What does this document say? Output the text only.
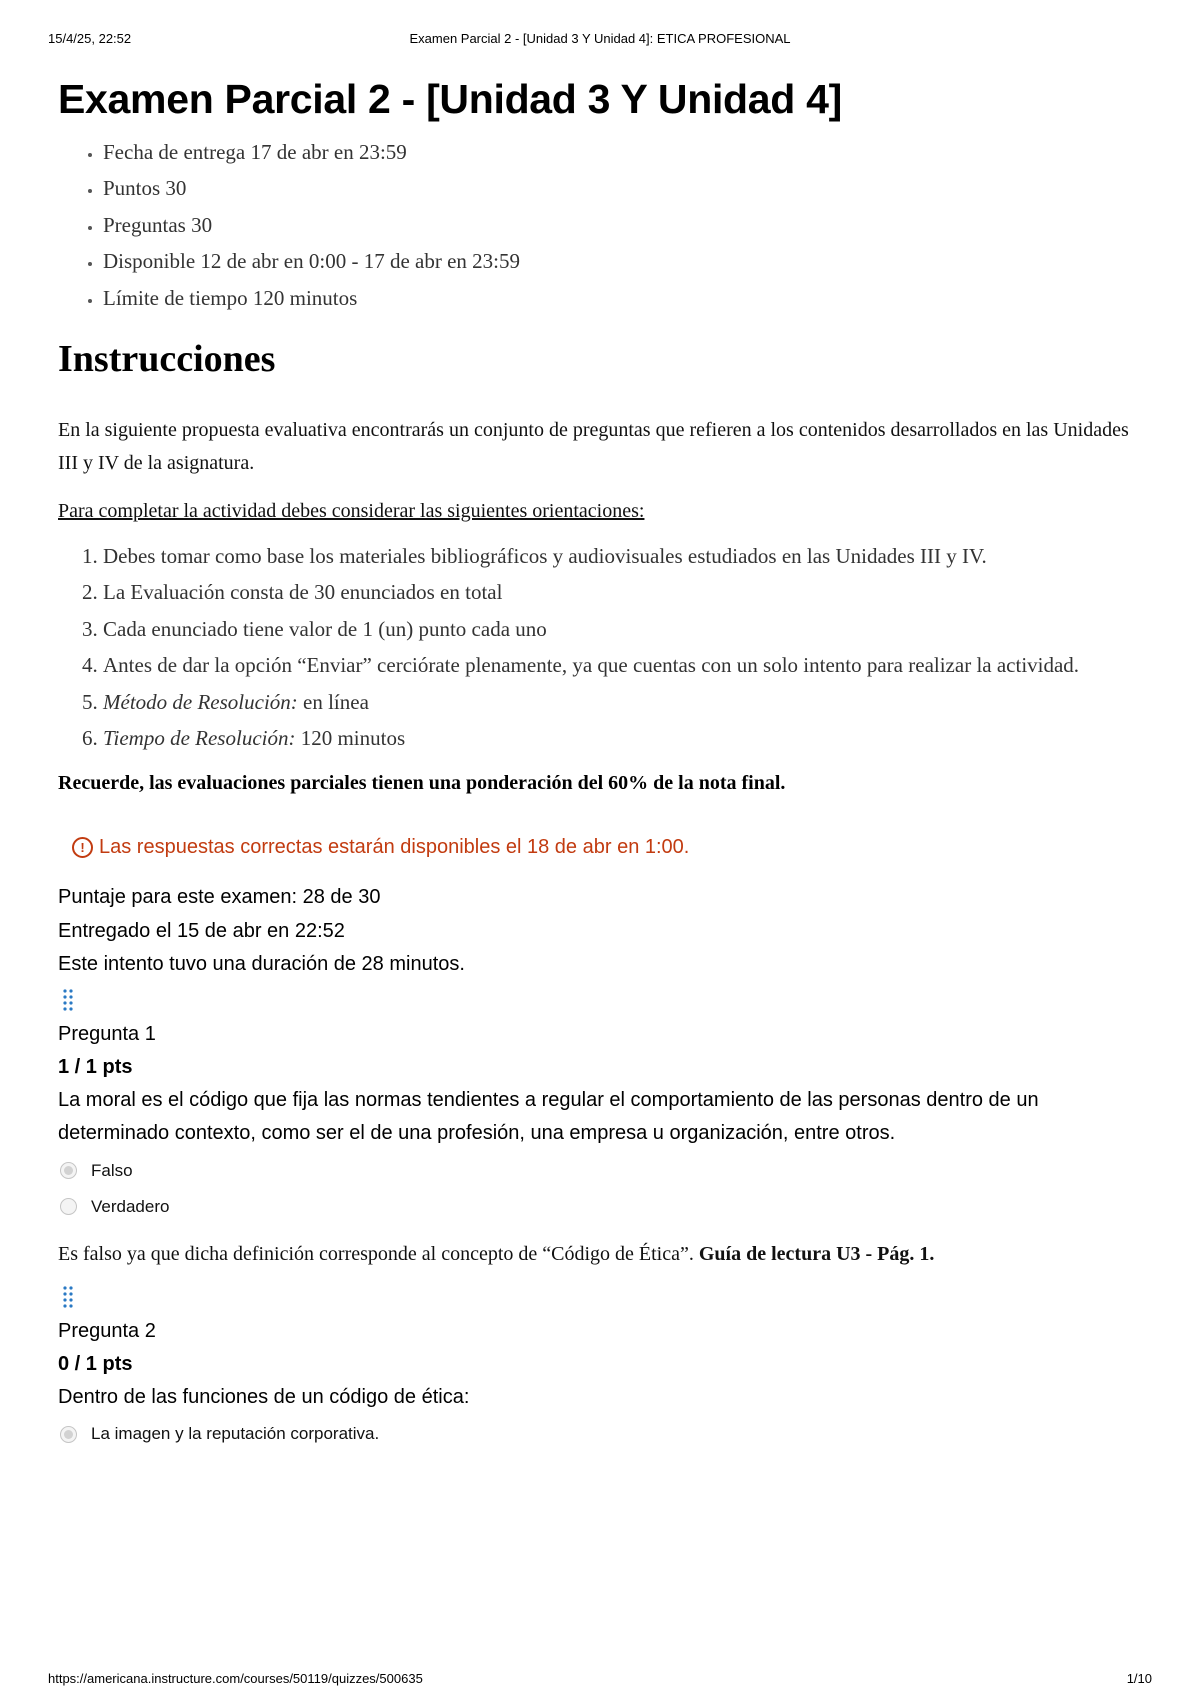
15/4/25, 22:52	Examen Parcial 2 - [Unidad 3 Y Unidad 4]: ETICA PROFESIONAL
Examen Parcial 2 - [Unidad 3 Y Unidad 4]
• Fecha de entrega 17 de abr en 23:59
• Puntos 30
• Preguntas 30
• Disponible 12 de abr en 0:00 - 17 de abr en 23:59
• Límite de tiempo 120 minutos
Instrucciones

En la siguiente propuesta evaluativa encontrarás un conjunto de preguntas que refieren a los contenidos desarrollados en las Unidades III y IV de la asignatura.

Para completar la actividad debes considerar las siguientes orientaciones:

1. Debes tomar como base los materiales bibliográficos y audiovisuales estudiados en las Unidades III y IV.
2. La Evaluación consta de 30 enunciados en total
3. Cada enunciado tiene valor de 1 (un) punto cada uno
4. Antes de dar la opción “Enviar” cerciórate plenamente, ya que cuentas con un solo intento para realizar la actividad.
5. Método de Resolución: en línea
6. Tiempo de Resolución: 120 minutos

Recuerde, las evaluaciones parciales tienen una ponderación del 60% de la nota final.

! Las respuestas correctas estarán disponibles el 18 de abr en 1:00.
Puntaje para este examen: 28 de 30
Entregado el 15 de abr en 22:52
Este intento tuvo una duración de 28 minutos.
Pregunta 1
1 / 1 pts
La moral es el código que fija las normas tendientes a regular el comportamiento de las personas dentro de un determinado contexto, como ser el de una profesión, una empresa u organización, entre otros.
Falso
Verdadero
Es falso ya que dicha definición corresponde al concepto de “Código de Ética”. Guía de lectura U3 - Pág. 1.
Pregunta 2
0 / 1 pts
Dentro de las funciones de un código de ética:
La imagen y la reputación corporativa.
https://americana.instructure.com/courses/50119/quizzes/500635	1/10
